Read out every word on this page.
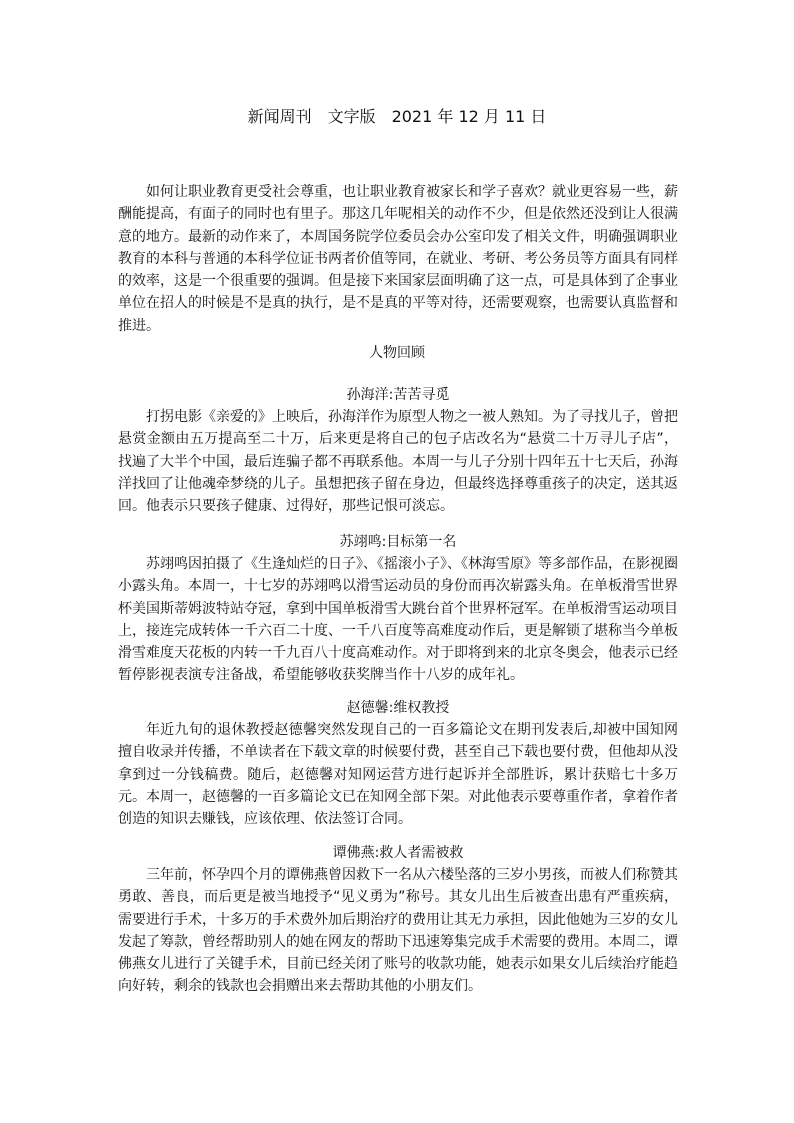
新闻周刊　文字版　2021 年 12 月 11 日

如何让职业教育更受社会尊重，也让职业教育被家长和学子喜欢？就业更容易一些，薪酬能提高，有面子的同时也有里子。那这几年呢相关的动作不少，但是依然还没到让人很满意的地方。最新的动作来了，本周国务院学位委员会办公室印发了相关文件，明确强调职业教育的本科与普通的本科学位证书两者价值等同，在就业、考研、考公务员等方面具有同样的效率，这是一个很重要的强调。但是接下来国家层面明确了这一点，可是具体到了企事业单位在招人的时候是不是真的执行，是不是真的平等对待，还需要观察，也需要认真监督和推进。

人物回顾

孙海洋:苦苦寻觅

打拐电影《亲爱的》上映后，孙海洋作为原型人物之一被人熟知。为了寻找儿子，曾把悬赏金额由五万提高至二十万，后来更是将自己的包子店改名为“悬赏二十万寻儿子店”，找遍了大半个中国，最后连骗子都不再联系他。本周一与儿子分别十四年五十七天后，孙海洋找回了让他魂牵梦绕的儿子。虽想把孩子留在身边，但最终选择尊重孩子的决定，送其返回。他表示只要孩子健康、过得好，那些记恨可淡忘。

苏翊鸣:目标第一名

苏翊鸣因拍摄了《生逢灿烂的日子》、《摇滚小子》、《林海雪原》等多部作品，在影视圈小露头角。本周一，十七岁的苏翊鸣以滑雪运动员的身份而再次崭露头角。在单板滑雪世界杯美国斯蒂姆波特站夺冠，拿到中国单板滑雪大跳台首个世界杯冠军。在单板滑雪运动项目上，接连完成转体一千六百二十度、一千八百度等高难度动作后，更是解锁了堪称当今单板滑雪难度天花板的内转一千九百八十度高难动作。对于即将到来的北京冬奥会，他表示已经暂停影视表演专注备战，希望能够收获奖牌当作十八岁的成年礼。

赵德馨:维权教授

年近九旬的退休教授赵德馨突然发现自己的一百多篇论文在期刊发表后,却被中国知网擅自收录并传播，不单读者在下载文章的时候要付费，甚至自己下载也要付费，但他却从没拿到过一分钱稿费。随后，赵德馨对知网运营方进行起诉并全部胜诉，累计获赔七十多万元。本周一，赵德馨的一百多篇论文已在知网全部下架。对此他表示要尊重作者，拿着作者创造的知识去赚钱，应该依理、依法签订合同。

谭佛燕:救人者需被救

三年前，怀孕四个月的谭佛燕曾因救下一名从六楼坠落的三岁小男孩，而被人们称赞其勇敢、善良，而后更是被当地授予“见义勇为”称号。其女儿出生后被查出患有严重疾病，需要进行手术，十多万的手术费外加后期治疗的费用让其无力承担，因此他她为三岁的女儿发起了筹款，曾经帮助别人的她在网友的帮助下迅速筹集完成手术需要的费用。本周二，谭佛燕女儿进行了关键手术，目前已经关闭了账号的收款功能，她表示如果女儿后续治疗能趋向好转，剩余的钱款也会捐赠出来去帮助其他的小朋友们。
